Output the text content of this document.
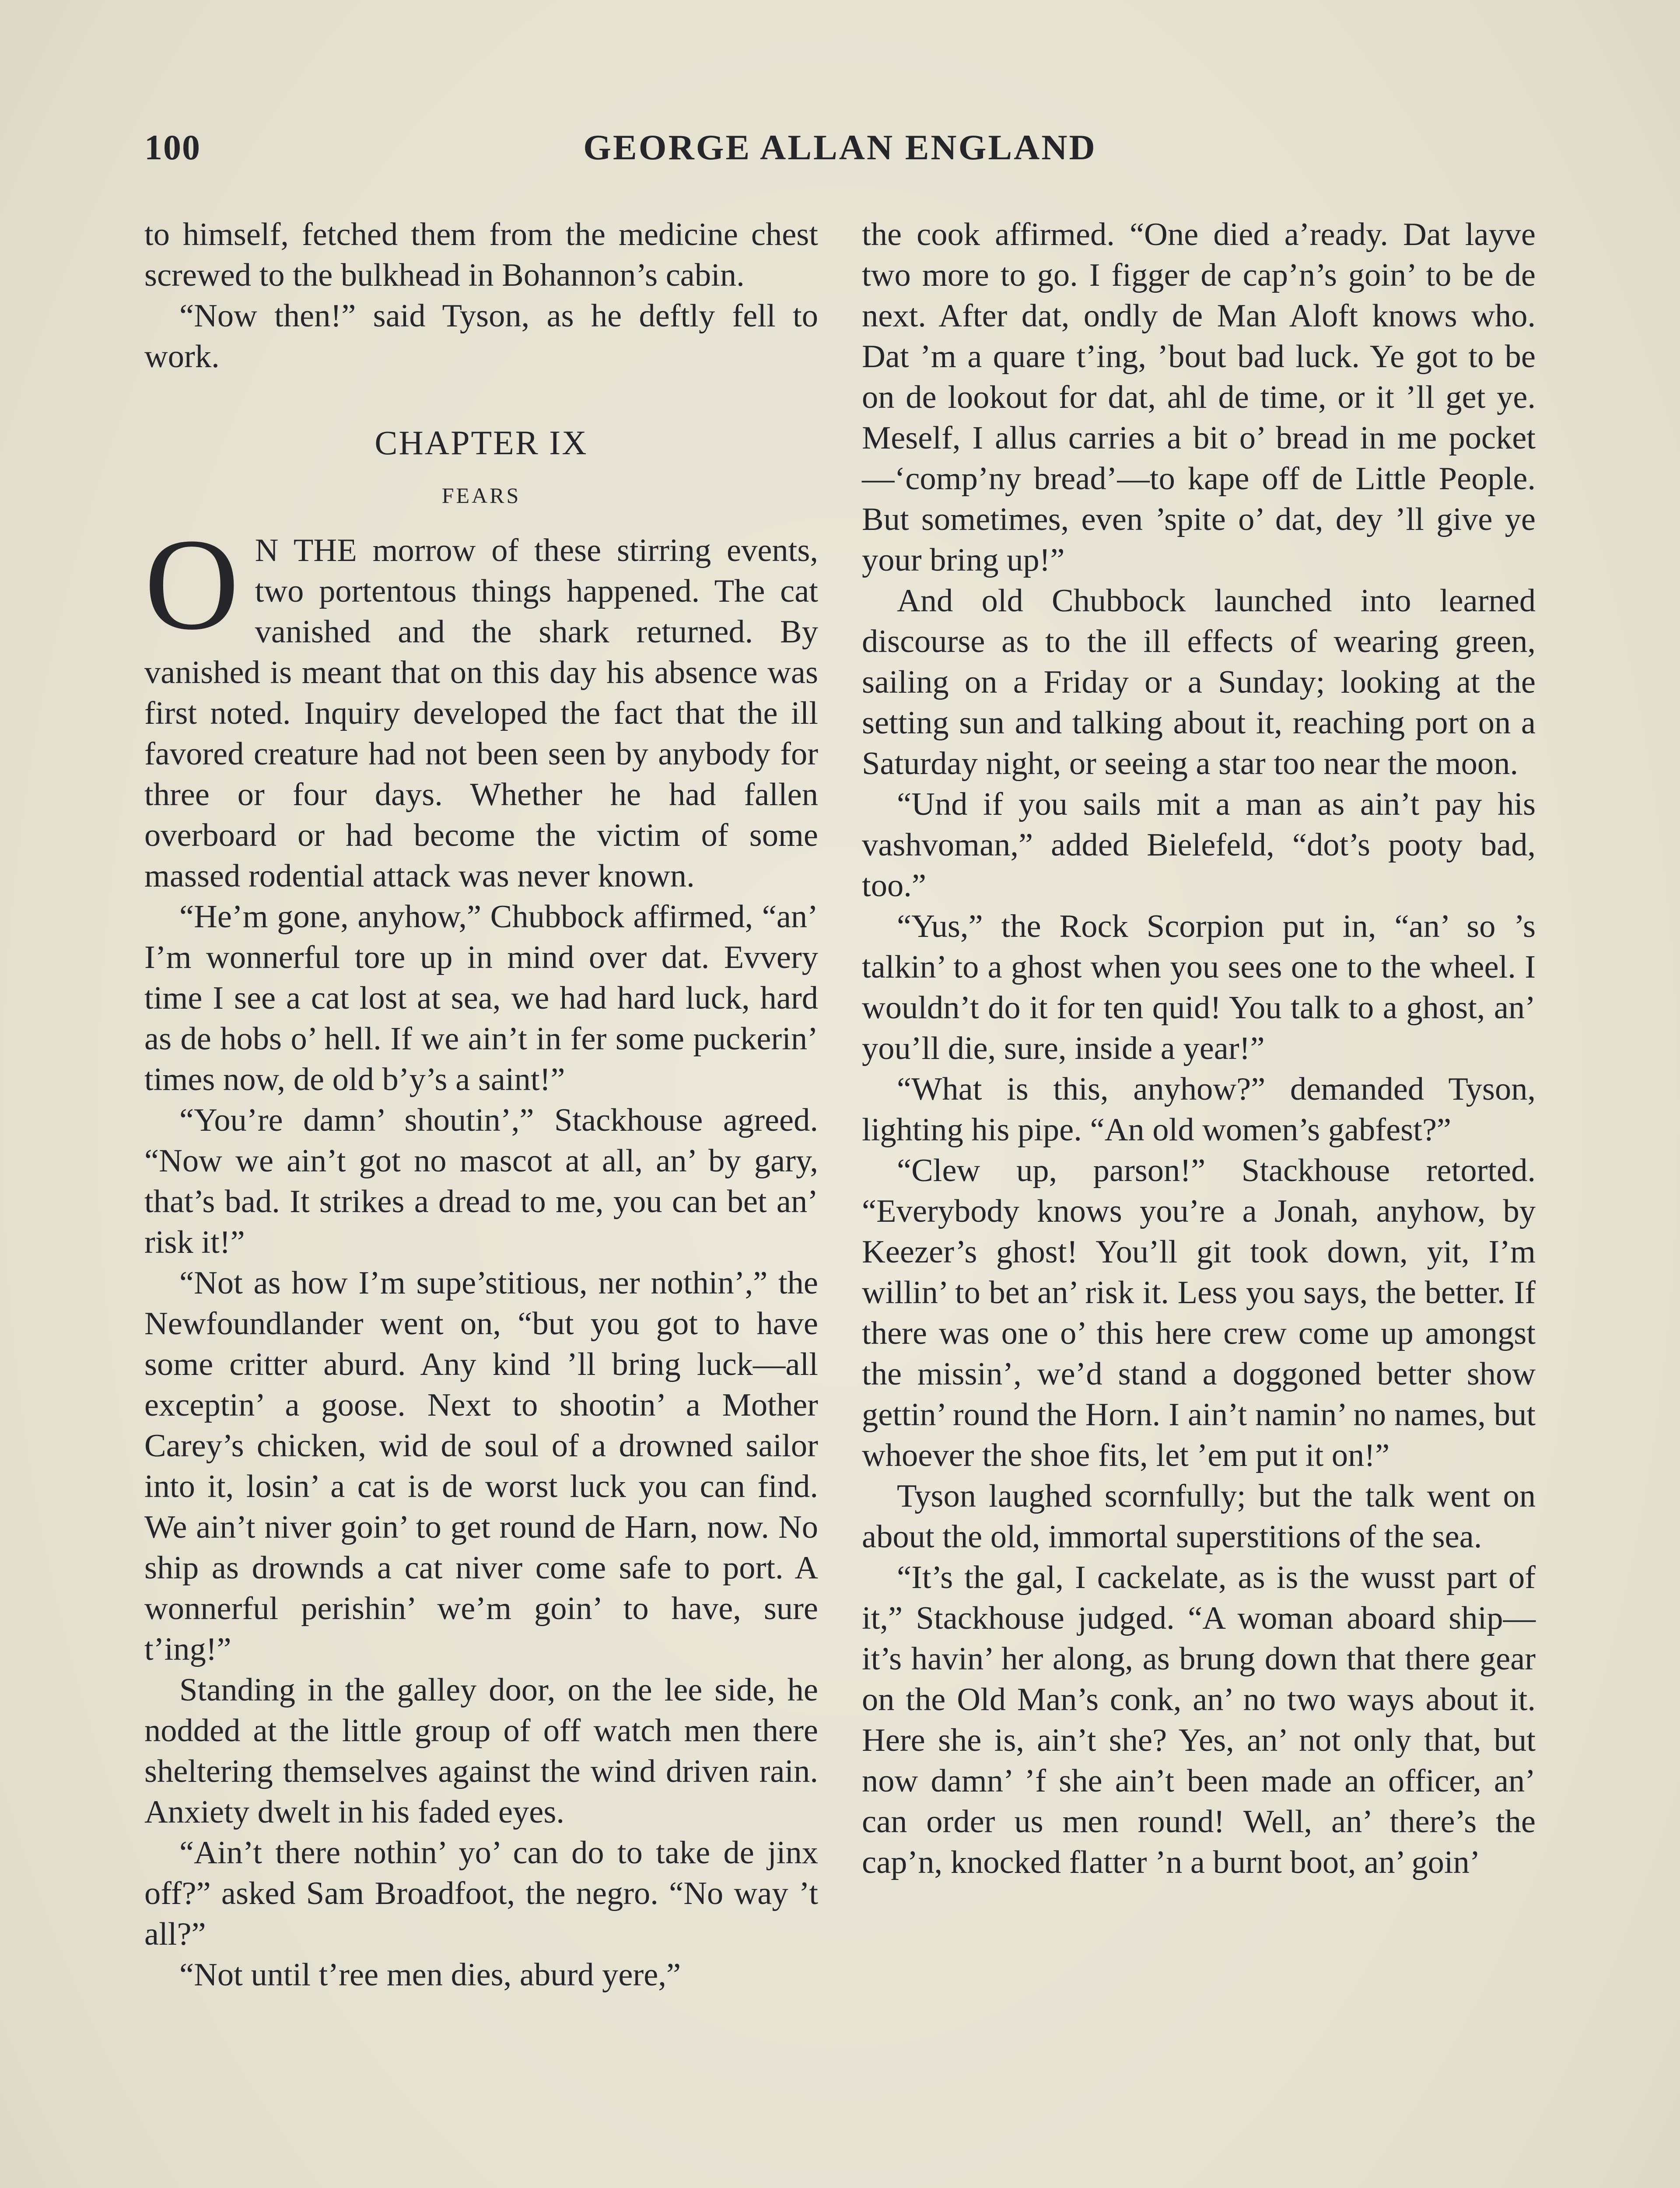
100	GEORGE ALLAN ENGLAND

to himself, fetched them from the medicine chest screwed to the bulkhead in Bohannon’s cabin.

“Now then!” said Tyson, as he deftly fell to work.

CHAPTER IX
FEARS

O N THE morrow of these stirring events, two portentous things happened. The cat vanished and the shark returned. By vanished is meant that on this day his absence was first noted. Inquiry developed the fact that the ill favored creature had not been seen by anybody for three or four days. Whether he had fallen overboard or had become the victim of some massed rodential attack was never known.

“He’m gone, anyhow,” Chubbock affirmed, “an’ I’m wonnerful tore up in mind over dat. Evvery time I see a cat lost at sea, we had hard luck, hard as de hobs o’ hell. If we ain’t in fer some puckerin’ times now, de old b’y’s a saint!”

“You’re damn’ shoutin’,” Stackhouse agreed. “Now we ain’t got no mascot at all, an’ by gary, that’s bad. It strikes a dread to me, you can bet an’ risk it!”

“Not as how I’m supe’stitious, ner nothin’,” the Newfoundlander went on, “but you got to have some critter aburd. Any kind ’ll bring luck—all exceptin’ a goose. Next to shootin’ a Mother Carey’s chicken, wid de soul of a drowned sailor into it, losin’ a cat is de worst luck you can find. We ain’t niver goin’ to get round de Harn, now. No ship as drownds a cat niver come safe to port. A wonnerful perishin’ we’m goin’ to have, sure t’ing!”

Standing in the galley door, on the lee side, he nodded at the little group of off watch men there sheltering themselves against the wind driven rain. Anxiety dwelt in his faded eyes.

“Ain’t there nothin’ yo’ can do to take de jinx off?” asked Sam Broadfoot, the negro. “No way ’t all?”

“Not until t’ree men dies, aburd yere,”

the cook affirmed. “One died a’ready. Dat layve two more to go. I figger de cap’n’s goin’ to be de next. After dat, ondly de Man Aloft knows who. Dat ’m a quare t’ing, ’bout bad luck. Ye got to be on de lookout for dat, ahl de time, or it ’ll get ye. Meself, I allus carries a bit o’ bread in me pocket—‘comp’ny bread’—to kape off de Little People. But sometimes, even ’spite o’ dat, dey ’ll give ye your bring up!”

And old Chubbock launched into learned discourse as to the ill effects of wearing green, sailing on a Friday or a Sunday; looking at the setting sun and talking about it, reaching port on a Saturday night, or seeing a star too near the moon.

“Und if you sails mit a man as ain’t pay his vashvoman,” added Bielefeld, “dot’s pooty bad, too.”

“Yus,” the Rock Scorpion put in, “an’ so ’s talkin’ to a ghost when you sees one to the wheel. I wouldn’t do it for ten quid! You talk to a ghost, an’ you’ll die, sure, inside a year!”

“What is this, anyhow?” demanded Tyson, lighting his pipe. “An old women’s gabfest?”

“Clew up, parson!” Stackhouse retorted. “Everybody knows you’re a Jonah, anyhow, by Keezer’s ghost! You’ll git took down, yit, I’m willin’ to bet an’ risk it. Less you says, the better. If there was one o’ this here crew come up amongst the missin’, we’d stand a doggoned better show gettin’ round the Horn. I ain’t namin’ no names, but whoever the shoe fits, let ’em put it on!”

Tyson laughed scornfully; but the talk went on about the old, immortal superstitions of the sea.

“It’s the gal, I cackelate, as is the wusst part of it,” Stackhouse judged. “A woman aboard ship—it’s havin’ her along, as brung down that there gear on the Old Man’s conk, an’ no two ways about it. Here she is, ain’t she? Yes, an’ not only that, but now damn’ ’f she ain’t been made an officer, an’ can order us men round! Well, an’ there’s the cap’n, knocked flatter ’n a burnt boot, an’ goin’
